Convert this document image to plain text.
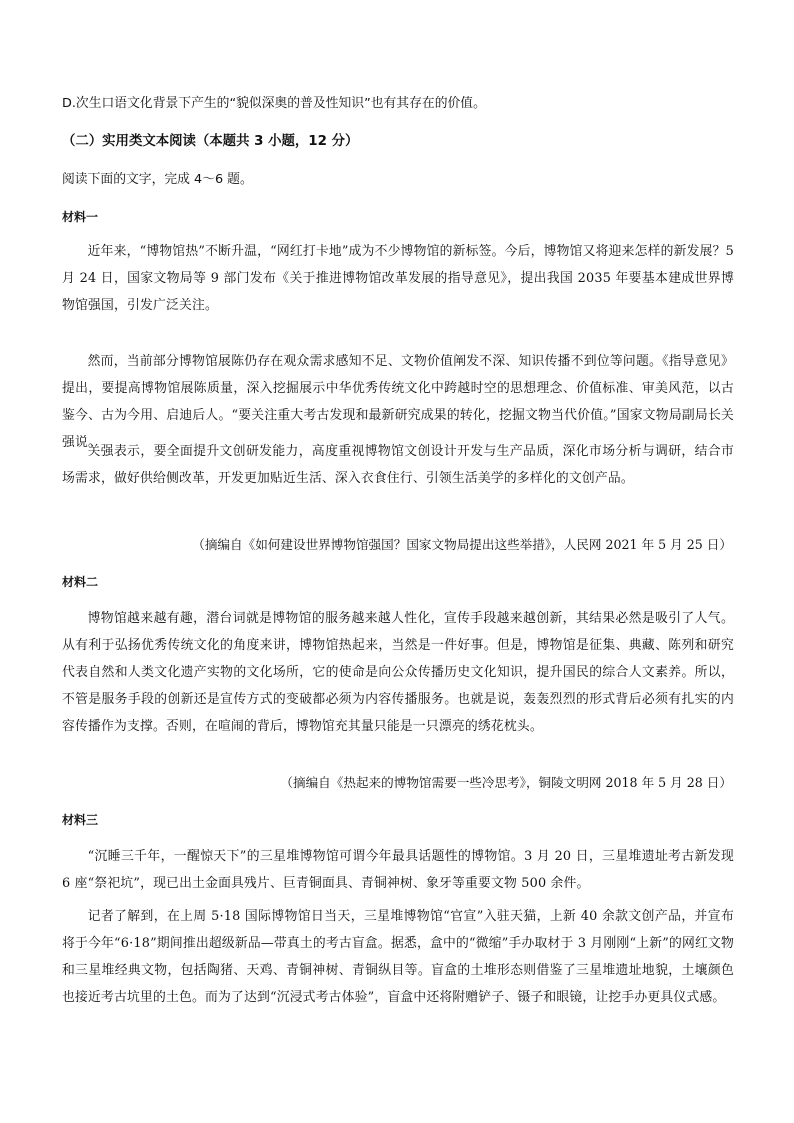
D.次生口语文化背景下产生的“貌似深奥的普及性知识”也有其存在的价值。
（二）实用类文本阅读（本题共 3 小题，12 分）
阅读下面的文字，完成 4～6 题。
材料一
近年来，“博物馆热”不断升温，“网红打卡地”成为不少博物馆的新标签。今后，博物馆又将迎来怎样的新发展？5 月 24 日，国家文物局等 9 部门发布《关于推进博物馆改革发展的指导意见》，提出我国 2035 年要基本建成世界博物馆强国，引发广泛关注。
然而，当前部分博物馆展陈仍存在观众需求感知不足、文物价值阐发不深、知识传播不到位等问题。《指导意见》提出，要提高博物馆展陈质量，深入挖掘展示中华优秀传统文化中跨越时空的思想理念、价值标准、审美风范，以古鉴今、古为今用、启迪后人。“要关注重大考古发现和最新研究成果的转化，挖掘文物当代价值。”国家文物局副局长关强说。
关强表示，要全面提升文创研发能力，高度重视博物馆文创设计开发与生产品质，深化市场分析与调研，结合市场需求，做好供给侧改革，开发更加贴近生活、深入衣食住行、引领生活美学的多样化的文创产品。
（摘编自《如何建设世界博物馆强国？国家文物局提出这些举措》，人民网 2021 年 5 月 25 日）
材料二
博物馆越来越有趣，潜台词就是博物馆的服务越来越人性化，宣传手段越来越创新，其结果必然是吸引了人气。从有利于弘扬优秀传统文化的角度来讲，博物馆热起来，当然是一件好事。但是，博物馆是征集、典藏、陈列和研究代表自然和人类文化遗产实物的文化场所，它的使命是向公众传播历史文化知识，提升国民的综合人文素养。所以，不管是服务手段的创新还是宣传方式的变破都必须为内容传播服务。也就是说，轰轰烈烈的形式背后必须有扎实的内容传播作为支撑。否则，在喧闹的背后，博物馆充其量只能是一只漂亮的绣花枕头。
（摘编自《热起来的博物馆需要一些冷思考》，铜陵文明网 2018 年 5 月 28 日）
材料三
“沉睡三千年，一醒惊天下”的三星堆博物馆可谓今年最具话题性的博物馆。3 月 20 日，三星堆遗址考古新发现 6 座“祭祀坑”，现已出土金面具残片、巨青铜面具、青铜神树、象牙等重要文物 500 余件。
记者了解到，在上周 5·18 国际博物馆日当天，三星堆博物馆“官宣”入驻天猫，上新 40 余款文创产品，并宣布将于今年“6·18”期间推出超级新品—带真土的考古盲盒。据悉，盒中的“微缩”手办取材于 3 月刚刚“上新”的网红文物和三星堆经典文物，包括陶猪、天鸡、青铜神树、青铜纵目等。盲盒的土堆形态则借鉴了三星堆遗址地貌，土壤颜色也接近考古坑里的土色。而为了达到“沉浸式考古体验”，盲盒中还将附赠铲子、镊子和眼镜，让挖手办更具仪式感。
